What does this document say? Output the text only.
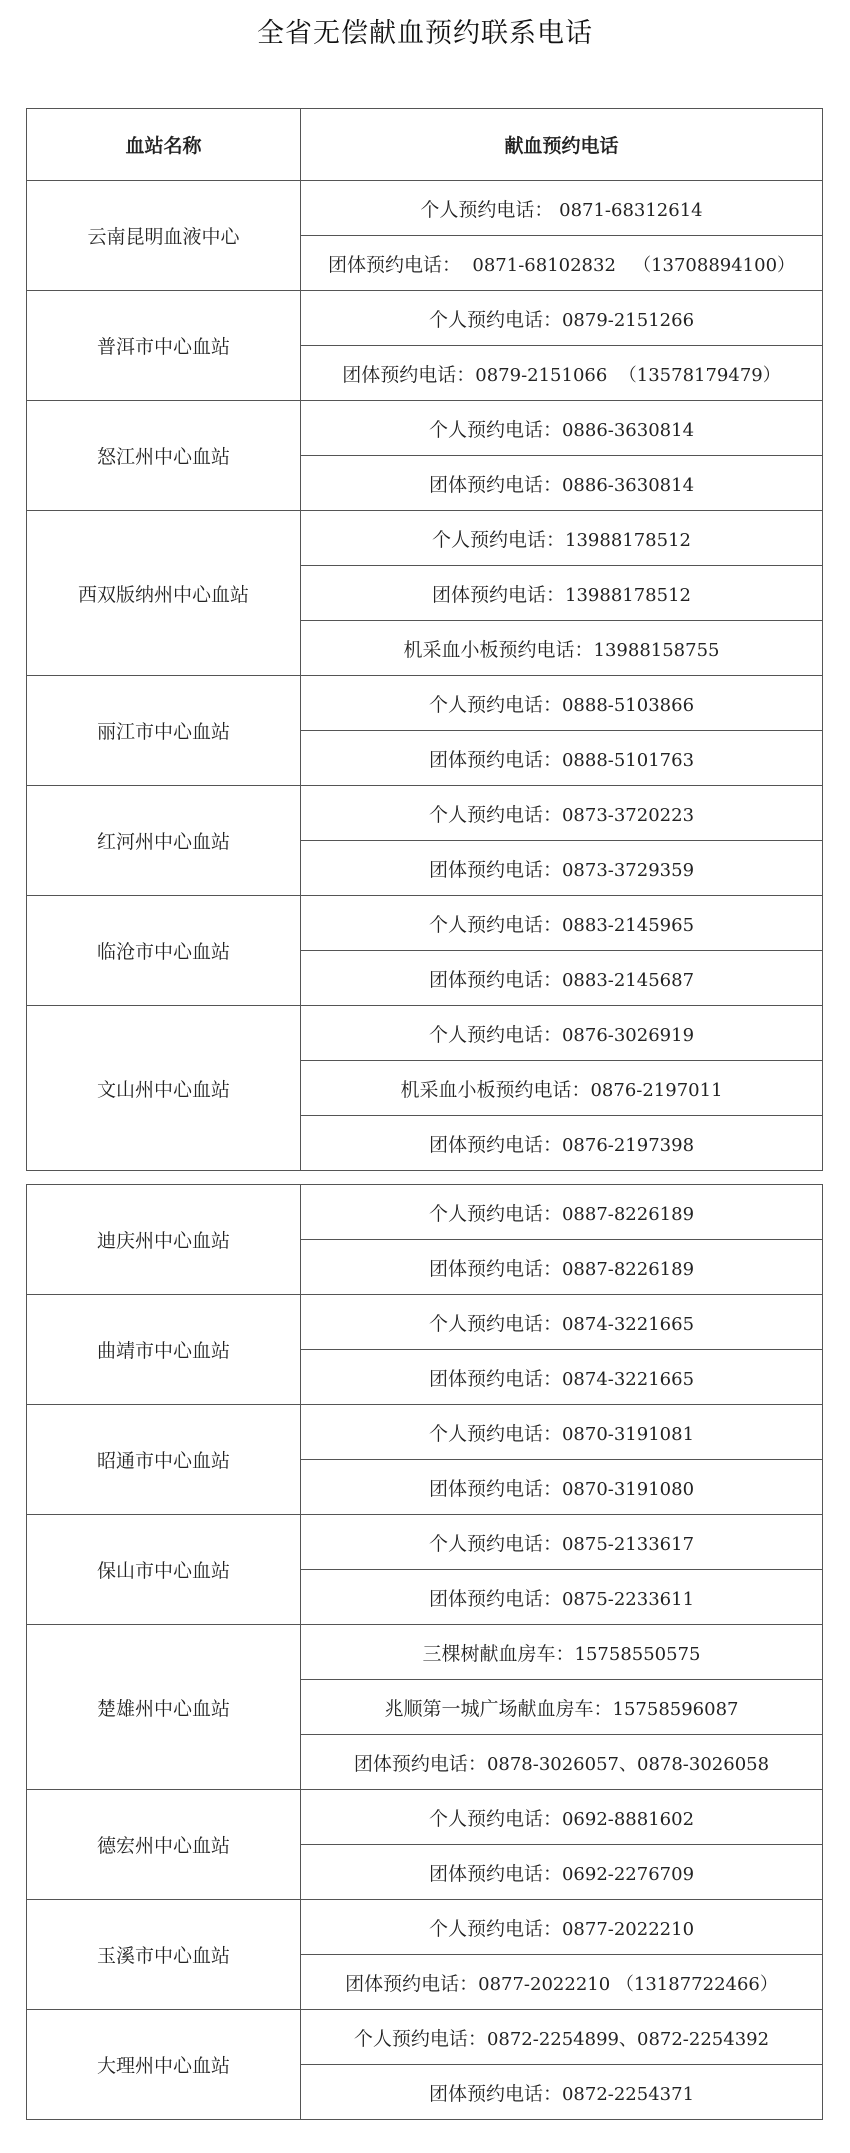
全省无偿献血预约联系电话
血站名称	献血预约电话
云南昆明血液中心	个人预约电话： 0871-68312614
	团体预约电话：  0871-68102832   （13708894100）
普洱市中心血站	个人预约电话：0879-2151266
	团体预约电话：0879-2151066  （13578179479）
怒江州中心血站	个人预约电话：0886-3630814
	团体预约电话：0886-3630814
西双版纳州中心血站	个人预约电话：13988178512
	团体预约电话：13988178512
	机采血小板预约电话：13988158755
丽江市中心血站	个人预约电话：0888-5103866
	团体预约电话：0888-5101763
红河州中心血站	个人预约电话：0873-3720223
	团体预约电话：0873-3729359
临沧市中心血站	个人预约电话：0883-2145965
	团体预约电话：0883-2145687
文山州中心血站	个人预约电话：0876-3026919
	机采血小板预约电话：0876-2197011
	团体预约电话：0876-2197398
迪庆州中心血站	个人预约电话：0887-8226189
	团体预约电话：0887-8226189
曲靖市中心血站	个人预约电话：0874-3221665
	团体预约电话：0874-3221665
昭通市中心血站	个人预约电话：0870-3191081
	团体预约电话：0870-3191080
保山市中心血站	个人预约电话：0875-2133617
	团体预约电话：0875-2233611
楚雄州中心血站	三棵树献血房车：15758550575
	兆顺第一城广场献血房车：15758596087
	团体预约电话：0878-3026057、0878-3026058
德宏州中心血站	个人预约电话：0692-8881602
	团体预约电话：0692-2276709
玉溪市中心血站	个人预约电话：0877-2022210
	团体预约电话：0877-2022210 （13187722466）
大理州中心血站	个人预约电话：0872-2254899、0872-2254392
	团体预约电话：0872-2254371
